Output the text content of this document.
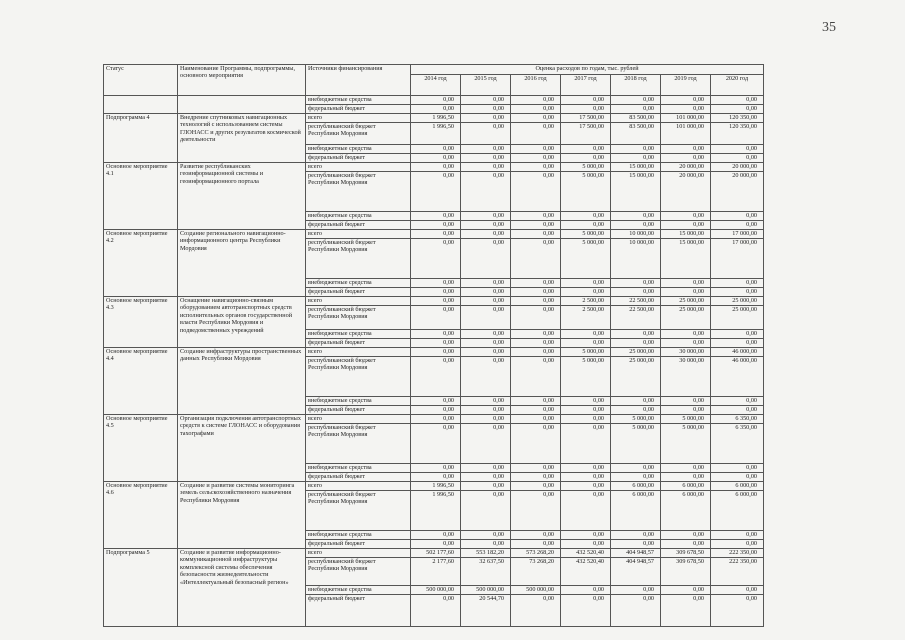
35
Статус	Наименование Программы, подпрограммы, основного мероприятия	Источники финансирования	Оценка расходов по годам, тыс. рублей						
			2014 год	2015 год	2016 год	2017 год	2018 год	2019 год	2020 год
		внебюджетные средства	0,00	0,00	0,00	0,00	0,00	0,00	0,00
		федеральный бюджет	0,00	0,00	0,00	0,00	0,00	0,00	0,00
Подпрограмма 4	Внедрение спутниковых навигационных технологий с использованием системы ГЛОНАСС и других результатов космической деятельности	всего	1 996,50	0,00	0,00	17 500,00	83 500,00	101 000,00	120 350,00
		республиканский бюджет Республики Мордовия	1 996,50	0,00	0,00	17 500,00	83 500,00	101 000,00	120 350,00
		внебюджетные средства	0,00	0,00	0,00	0,00	0,00	0,00	0,00
		федеральный бюджет	0,00	0,00	0,00	0,00	0,00	0,00	0,00
Основное мероприятие 4.1	Развитие республиканских геоинформационной системы и геоинформационного портала	всего	0,00	0,00	0,00	5 000,00	15 000,00	20 000,00	20 000,00
		республиканский бюджет Республики Мордовия	0,00	0,00	0,00	5 000,00	15 000,00	20 000,00	20 000,00
		внебюджетные средства	0,00	0,00	0,00	0,00	0,00	0,00	0,00
		федеральный бюджет	0,00	0,00	0,00	0,00	0,00	0,00	0,00
Основное мероприятие 4.2	Создание регионального навигационно-информационного центра Республики Мордовия	всего	0,00	0,00	0,00	5 000,00	10 000,00	15 000,00	17 000,00
		республиканский бюджет Республики Мордовия	0,00	0,00	0,00	5 000,00	10 000,00	15 000,00	17 000,00
		внебюджетные средства	0,00	0,00	0,00	0,00	0,00	0,00	0,00
		федеральный бюджет	0,00	0,00	0,00	0,00	0,00	0,00	0,00
Основное мероприятие 4.3	Оснащение навигационно-связным оборудованием автотранспортных средств исполнительных органов государственной власти Республики Мордовия и подведомственных учреждений	всего	0,00	0,00	0,00	2 500,00	22 500,00	25 000,00	25 000,00
		республиканский бюджет Республики Мордовия	0,00	0,00	0,00	2 500,00	22 500,00	25 000,00	25 000,00
		внебюджетные средства	0,00	0,00	0,00	0,00	0,00	0,00	0,00
		федеральный бюджет	0,00	0,00	0,00	0,00	0,00	0,00	0,00
Основное мероприятие 4.4	Создание инфраструктуры пространственных данных Республики Мордовия	всего	0,00	0,00	0,00	5 000,00	25 000,00	30 000,00	46 000,00
		республиканский бюджет Республики Мордовия	0,00	0,00	0,00	5 000,00	25 000,00	30 000,00	46 000,00
		внебюджетные средства	0,00	0,00	0,00	0,00	0,00	0,00	0,00
		федеральный бюджет	0,00	0,00	0,00	0,00	0,00	0,00	0,00
Основное мероприятие 4.5	Организация подключения автотранспортных средств к системе ГЛОНАСС и оборудования тахографами	всего	0,00	0,00	0,00	0,00	5 000,00	5 000,00	6 350,00
		республиканский бюджет Республики Мордовия	0,00	0,00	0,00	0,00	5 000,00	5 000,00	6 350,00
		внебюджетные средства	0,00	0,00	0,00	0,00	0,00	0,00	0,00
		федеральный бюджет	0,00	0,00	0,00	0,00	0,00	0,00	0,00
Основное мероприятие 4.6	Создание и развитие системы мониторинга земель сельскохозяйственного назначения Республики Мордовия	всего	1 996,50	0,00	0,00	0,00	6 000,00	6 000,00	6 000,00
		республиканский бюджет Республики Мордовия	1 996,50	0,00	0,00	0,00	6 000,00	6 000,00	6 000,00
		внебюджетные средства	0,00	0,00	0,00	0,00	0,00	0,00	0,00
		федеральный бюджет	0,00	0,00	0,00	0,00	0,00	0,00	0,00
Подпрограмма 5	Создание и развитие информационно-коммуникационной инфраструктуры комплексной системы обеспечения безопасности жизнедеятельности «Интеллектуальный безопасный регион»	всего	502 177,60	553 182,20	573 268,20	432 520,40	404 948,57	309 678,50	222 350,00
		республиканский бюджет Республики Мордовия	2 177,60	32 637,50	73 268,20	432 520,40	404 948,57	309 678,50	222 350,00
		внебюджетные средства	500 000,00	500 000,00	500 000,00	0,00	0,00	0,00	0,00
		федеральный бюджет	0,00	20 544,70	0,00	0,00	0,00	0,00	0,00
